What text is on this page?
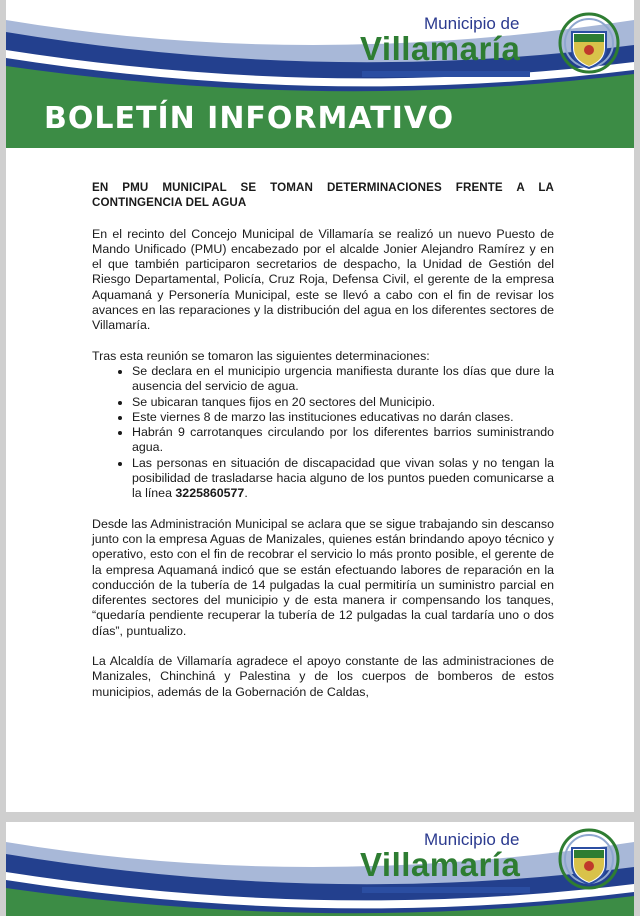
Municipio de
Villamaría
BOLETÍN INFORMATIVO

EN PMU MUNICIPAL SE TOMAN DETERMINACIONES FRENTE A LA CONTINGENCIA DEL AGUA

En el recinto del Concejo Municipal de Villamaría se realizó un nuevo Puesto de Mando Unificado (PMU) encabezado por el alcalde Jonier Alejandro Ramírez y en el que también participaron secretarios de despacho, la Unidad de Gestión del Riesgo Departamental, Policía, Cruz Roja, Defensa Civil, el gerente de la empresa Aquamaná y Personería Municipal, este se llevó a cabo con el fin de revisar los avances en las reparaciones y la distribución del agua en los diferentes sectores de Villamaría.

Tras esta reunión se tomaron las siguientes determinaciones:

• Se declara en el municipio urgencia manifiesta durante los días que dure la ausencia del servicio de agua.
• Se ubicaran tanques fijos en 20 sectores del Municipio.
• Este viernes 8 de marzo las instituciones educativas no darán clases.
• Habrán 9 carrotanques circulando por los diferentes barrios suministrando agua.
• Las personas en situación de discapacidad que vivan solas y no tengan la posibilidad de trasladarse hacia alguno de los puntos pueden comunicarse a la línea 3225860577.

Desde las Administración Municipal se aclara que se sigue trabajando sin descanso junto con la empresa Aguas de Manizales, quienes están brindando apoyo técnico y operativo, esto con el fin de recobrar el servicio lo más pronto posible, el gerente de la empresa Aquamaná indicó que se están efectuando labores de reparación en la conducción de la tubería de 14 pulgadas la cual permitiría un suministro parcial en diferentes sectores del municipio y de esta manera ir compensando los tanques, “quedaría pendiente recuperar la tubería de 12 pulgadas la cual tardaría uno o dos días”, puntualizo.

La Alcaldía de Villamaría agradece el apoyo constante de las administraciones de Manizales, Chinchiná y Palestina y de los cuerpos de bomberos de estos municipios, además de la Gobernación de Caldas,

Municipio de
Villamaría
